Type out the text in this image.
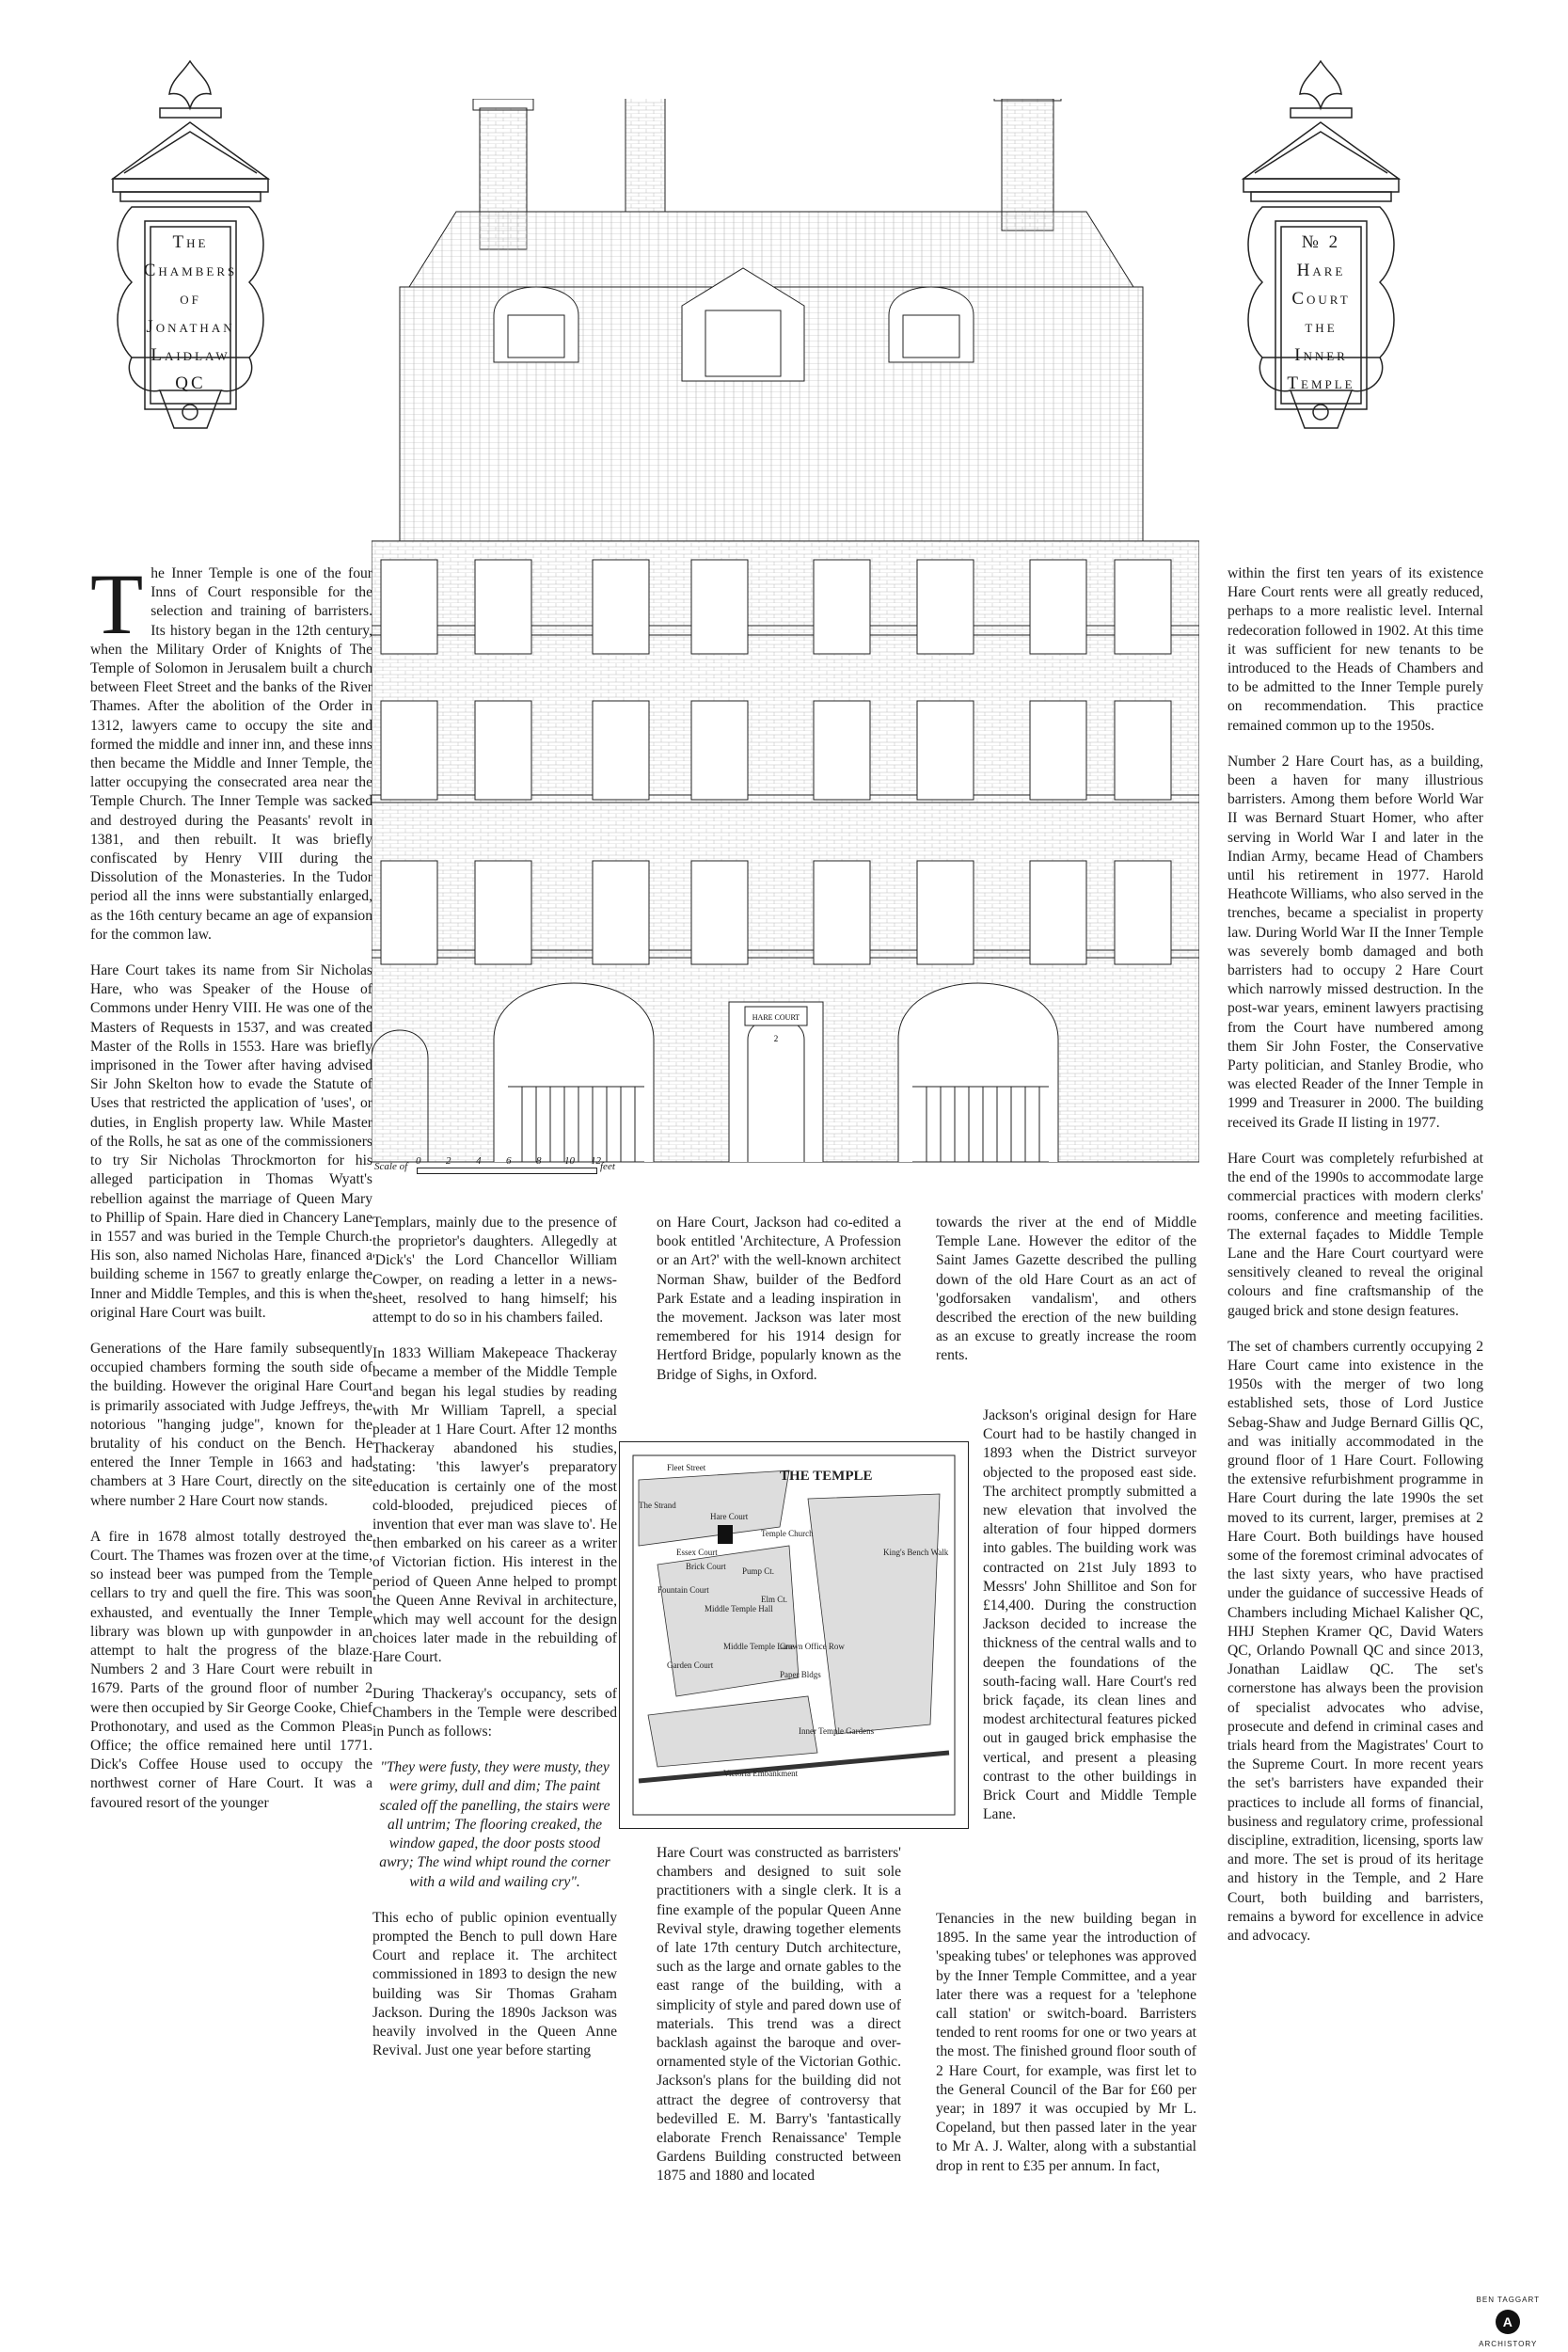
The
Chambers
of
Jonathan
Laidlaw
QC
№ 2
Hare
Court
the
Inner
Temple
HARE COURT
2
Scale of 0 2 4 6 8 10 12 feet

The Inner Temple is one of the four Inns of Court responsible for the selection and training of barristers. Its history began in the 12th century, when the Military Order of Knights of The Temple of Solomon in Jerusalem built a church between Fleet Street and the banks of the River Thames. After the abolition of the Order in 1312, lawyers came to occupy the site and formed the middle and inner inn, and these inns then became the Middle and Inner Temple, the latter occupying the consecrated area near the Temple Church. The Inner Temple was sacked and destroyed during the Peasants' revolt in 1381, and then rebuilt. It was briefly confiscated by Henry VIII during the Dissolution of the Monasteries. In the Tudor period all the inns were substantially enlarged, as the 16th century became an age of expansion for the common law.

Hare Court takes its name from Sir Nicholas Hare, who was Speaker of the House of Commons under Henry VIII. He was one of the Masters of Requests in 1537, and was created Master of the Rolls in 1553. Hare was briefly imprisoned in the Tower after having advised Sir John Skelton how to evade the Statute of Uses that restricted the application of 'uses', or duties, in English property law. While Master of the Rolls, he sat as one of the commissioners to try Sir Nicholas Throckmorton for his alleged participation in Thomas Wyatt's rebellion against the marriage of Queen Mary to Phillip of Spain. Hare died in Chancery Lane in 1557 and was buried in the Temple Church. His son, also named Nicholas Hare, financed a building scheme in 1567 to greatly enlarge the Inner and Middle Temples, and this is when the original Hare Court was built.

Generations of the Hare family subsequently occupied chambers forming the south side of the building. However the original Hare Court is primarily associated with Judge Jeffreys, the notorious "hanging judge", known for the brutality of his conduct on the Bench. He entered the Inner Temple in 1663 and had chambers at 3 Hare Court, directly on the site where number 2 Hare Court now stands.

A fire in 1678 almost totally destroyed the Court. The Thames was frozen over at the time, so instead beer was pumped from the Temple cellars to try and quell the fire. This was soon exhausted, and eventually the Inner Temple library was blown up with gunpowder in an attempt to halt the progress of the blaze. Numbers 2 and 3 Hare Court were rebuilt in 1679. Parts of the ground floor of number 2 were then occupied by Sir George Cooke, Chief Prothonotary, and used as the Common Pleas Office; the office remained here until 1771. Dick's Coffee House used to occupy the northwest corner of Hare Court. It was a favoured resort of the younger

Templars, mainly due to the presence of the proprietor's daughters. Allegedly at 'Dick's' the Lord Chancellor William Cowper, on reading a letter in a news-sheet, resolved to hang himself; his attempt to do so in his chambers failed.

In 1833 William Makepeace Thackeray became a member of the Middle Temple and began his legal studies by reading with Mr William Taprell, a special pleader at 1 Hare Court. After 12 months Thackeray abandoned his studies, stating: 'this lawyer's preparatory education is certainly one of the most cold-blooded, prejudiced pieces of invention that ever man was slave to'. He then embarked on his career as a writer of Victorian fiction. His interest in the period of Queen Anne helped to prompt the Queen Anne Revival in architecture, which may well account for the design choices later made in the rebuilding of Hare Court.

During Thackeray's occupancy, sets of Chambers in the Temple were described in Punch as follows:

"They were fusty, they were musty, they were grimy, dull and dim; The paint scaled off the panelling, the stairs were all untrim; The flooring creaked, the window gaped, the door posts stood awry; The wind whipt round the corner with a wild and wailing cry".

This echo of public opinion eventually prompted the Bench to pull down Hare Court and replace it. The architect commissioned in 1893 to design the new building was Sir Thomas Graham Jackson. During the 1890s Jackson was heavily involved in the Queen Anne Revival. Just one year before starting

on Hare Court, Jackson had co-edited a book entitled 'Architecture, A Profession or an Art?' with the well-known architect Norman Shaw, builder of the Bedford Park Estate and a leading inspiration in the movement. Jackson was later most remembered for his 1914 design for Hertford Bridge, popularly known as the Bridge of Sighs, in Oxford.

THE TEMPLE
Fleet Street
The Strand
Hare Court
Temple Church
Inner Temple Gardens
Victoria Embankment
Fountain Court
Middle Temple Lane
King's Bench Walk
Crown Office Row
Essex Court
Brick Court Pump Ct.
Elm Ct.
Middle Temple Hall
Paper Bldgs
Garden Court

Hare Court was constructed as barristers' chambers and designed to suit sole practitioners with a single clerk. It is a fine example of the popular Queen Anne Revival style, drawing together elements of late 17th century Dutch architecture, such as the large and ornate gables to the east range of the building, with a simplicity of style and pared down use of materials. This trend was a direct backlash against the baroque and over-ornamented style of the Victorian Gothic. Jackson's plans for the building did not attract the degree of controversy that bedevilled E. M. Barry's 'fantastically elaborate French Renaissance' Temple Gardens Building constructed between 1875 and 1880 and located

towards the river at the end of Middle Temple Lane. However the editor of the Saint James Gazette described the pulling down of the old Hare Court as an act of 'godforsaken vandalism', and others described the erection of the new building as an excuse to greatly increase the room rents.

Jackson's original design for Hare Court had to be hastily changed in 1893 when the District surveyor objected to the proposed east side. The architect promptly submitted a new elevation that involved the alteration of four hipped dormers into gables. The building work was contracted on 21st July 1893 to Messrs' John Shillitoe and Son for £14,400. During the construction Jackson decided to increase the thickness of the central walls and to deepen the foundations of the south-facing wall. Hare Court's red brick façade, its clean lines and modest architectural features picked out in gauged brick emphasise the vertical, and present a pleasing contrast to the other buildings in Brick Court and Middle Temple Lane.

Tenancies in the new building began in 1895. In the same year the introduction of 'speaking tubes' or telephones was approved by the Inner Temple Committee, and a year later there was a request for a 'telephone call station' or switch-board. Barristers tended to rent rooms for one or two years at the most. The finished ground floor south of 2 Hare Court, for example, was first let to the General Council of the Bar for £60 per year; in 1897 it was occupied by Mr L. Copeland, but then passed later in the year to Mr A. J. Walter, along with a substantial drop in rent to £35 per annum. In fact,

within the first ten years of its existence Hare Court rents were all greatly reduced, perhaps to a more realistic level. Internal redecoration followed in 1902. At this time it was sufficient for new tenants to be introduced to the Heads of Chambers and to be admitted to the Inner Temple purely on recommendation. This practice remained common up to the 1950s.

Number 2 Hare Court has, as a building, been a haven for many illustrious barristers. Among them before World War II was Bernard Stuart Homer, who after serving in World War I and later in the Indian Army, became Head of Chambers until his retirement in 1977. Harold Heathcote Williams, who also served in the trenches, became a specialist in property law. During World War II the Inner Temple was severely bomb damaged and both barristers had to occupy 2 Hare Court which narrowly missed destruction. In the post-war years, eminent lawyers practising from the Court have numbered among them Sir John Foster, the Conservative Party politician, and Stanley Brodie, who was elected Reader of the Inner Temple in 1999 and Treasurer in 2000. The building received its Grade II listing in 1977.

Hare Court was completely refurbished at the end of the 1990s to accommodate large commercial practices with modern clerks' rooms, conference and meeting facilities. The external façades to Middle Temple Lane and the Hare Court courtyard were sensitively cleaned to reveal the original colours and fine craftsmanship of the gauged brick and stone design features.

The set of chambers currently occupying 2 Hare Court came into existence in the 1950s with the merger of two long established sets, those of Lord Justice Sebag-Shaw and Judge Bernard Gillis QC, and was initially accommodated in the ground floor of 1 Hare Court. Following the extensive refurbishment programme in Hare Court during the late 1990s the set moved to its current, larger, premises at 2 Hare Court. Both buildings have housed some of the foremost criminal advocates of the last sixty years, who have practised under the guidance of successive Heads of Chambers including Michael Kalisher QC, HHJ Stephen Kramer QC, David Waters QC, Orlando Pownall QC and since 2013, Jonathan Laidlaw QC. The set's cornerstone has always been the provision of specialist advocates who advise, prosecute and defend in criminal cases and trials heard from the Magistrates' Court to the Supreme Court. In more recent years the set's barristers have expanded their practices to include all forms of financial, business and regulatory crime, professional discipline, extradition, licensing, sports law and more. The set is proud of its heritage and history in the Temple, and 2 Hare Court, both building and barristers, remains a byword for excellence in advice and advocacy.

BEN TAGGART
A
ARCHISTORY
